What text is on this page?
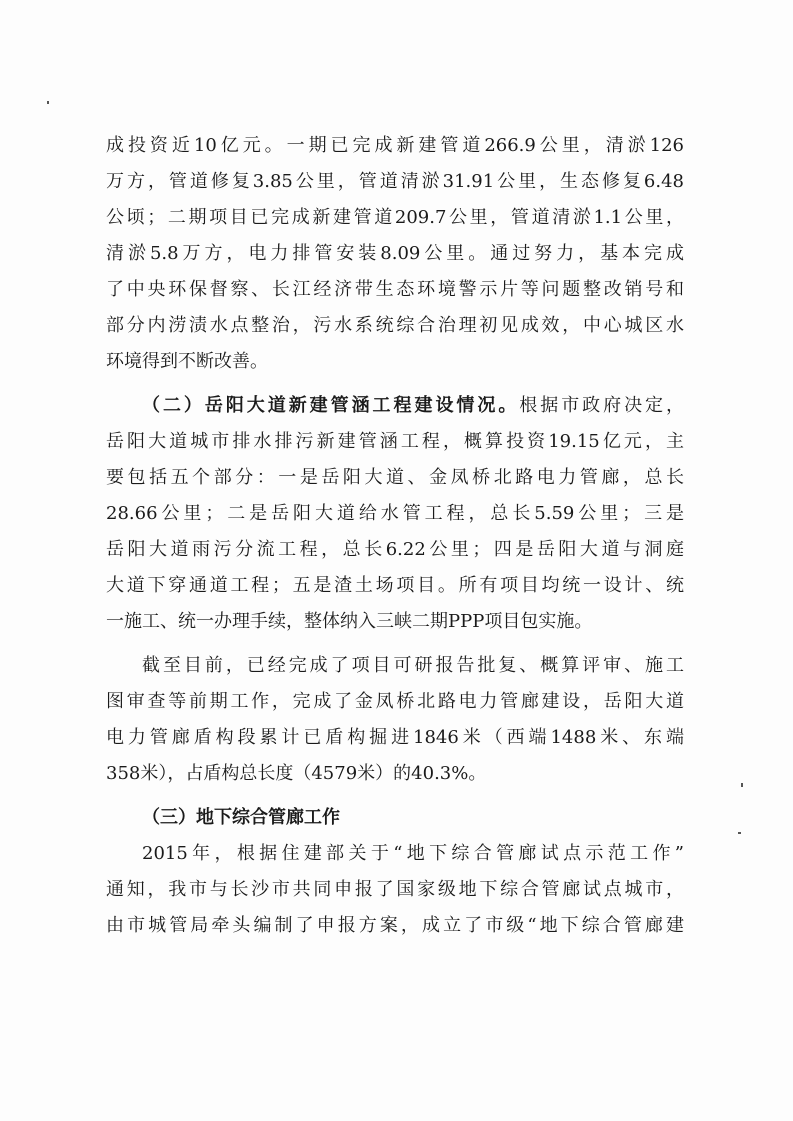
成投资近10亿元。一期已完成新建管道266.9公里，清淤126
万方，管道修复3.85公里，管道清淤31.91公里，生态修复6.48
公顷；二期项目已完成新建管道209.7公里，管道清淤1.1公里，
清淤5.8万方，电力排管安装8.09公里。通过努力，基本完成
了中央环保督察、长江经济带生态环境警示片等问题整改销号和
部分内涝渍水点整治，污水系统综合治理初见成效，中心城区水
环境得到不断改善。
（二）岳阳大道新建管涵工程建设情况。根据市政府决定，
岳阳大道城市排水排污新建管涵工程，概算投资19.15亿元，主
要包括五个部分：一是岳阳大道、金凤桥北路电力管廊，总长
28.66公里；二是岳阳大道给水管工程，总长5.59公里；三是
岳阳大道雨污分流工程，总长6.22公里；四是岳阳大道与洞庭
大道下穿通道工程；五是渣土场项目。所有项目均统一设计、统
一施工、统一办理手续，整体纳入三峡二期PPP项目包实施。
截至目前，已经完成了项目可研报告批复、概算评审、施工
图审查等前期工作，完成了金凤桥北路电力管廊建设，岳阳大道
电力管廊盾构段累计已盾构掘进1846米（西端1488米、东端
358米），占盾构总长度（4579米）的40.3%。
（三）地下综合管廊工作
2015年，根据住建部关于“地下综合管廊试点示范工作”
通知，我市与长沙市共同申报了国家级地下综合管廊试点城市，
由市城管局牵头编制了申报方案，成立了市级“地下综合管廊建
